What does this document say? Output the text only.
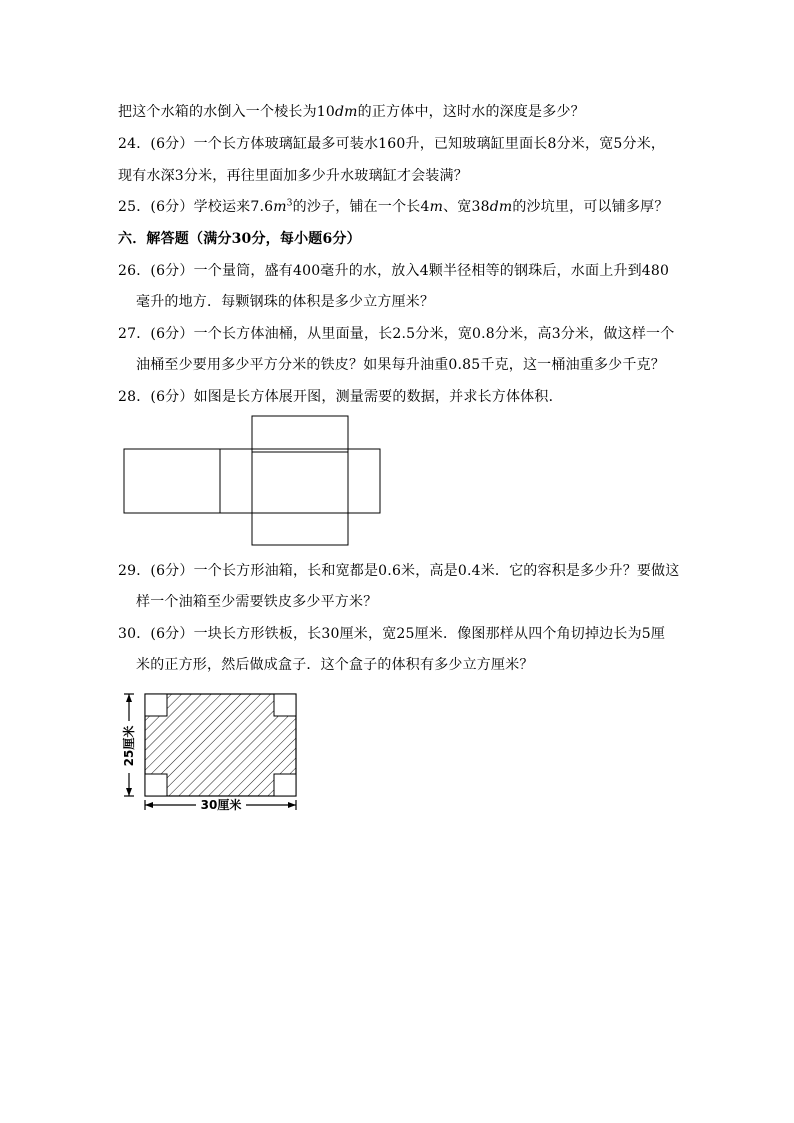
把这个水箱的水倒入一个棱长为10dm的正方体中，这时水的深度是多少？
24．(6分）一个长方体玻璃缸最多可装水160升，已知玻璃缸里面长8分米，宽5分米，
现有水深3分米，再往里面加多少升水玻璃缸才会装满？
25．(6分）学校运来$7.6m^3$的沙子，铺在一个长4m、宽38dm的沙坑里，可以铺多厚？
六．解答题（满分30分，每小题6分）
26．(6分）一个量筒，盛有400毫升的水，放入4颗半径相等的钢珠后，水面上升到480
毫升的地方．每颗钢珠的体积是多少立方厘米？
27．(6分）一个长方体油桶，从里面量，长2.5分米，宽0.8分米，高3分米，做这样一个
油桶至少要用多少平方分米的铁皮？如果每升油重0.85千克，这一桶油重多少千克？
28．(6分）如图是长方体展开图，测量需要的数据，并求长方体体积．
29．(6分）一个长方形油箱，长和宽都是0.6米，高是0.4米．它的容积是多少升？要做这
样一个油箱至少需要铁皮多少平方米？
30．(6分）一块长方形铁板，长30厘米，宽25厘米．像图那样从四个角切掉边长为5厘
米的正方形，然后做成盒子．这个盒子的体积有多少立方厘米？
25厘米
30厘米
